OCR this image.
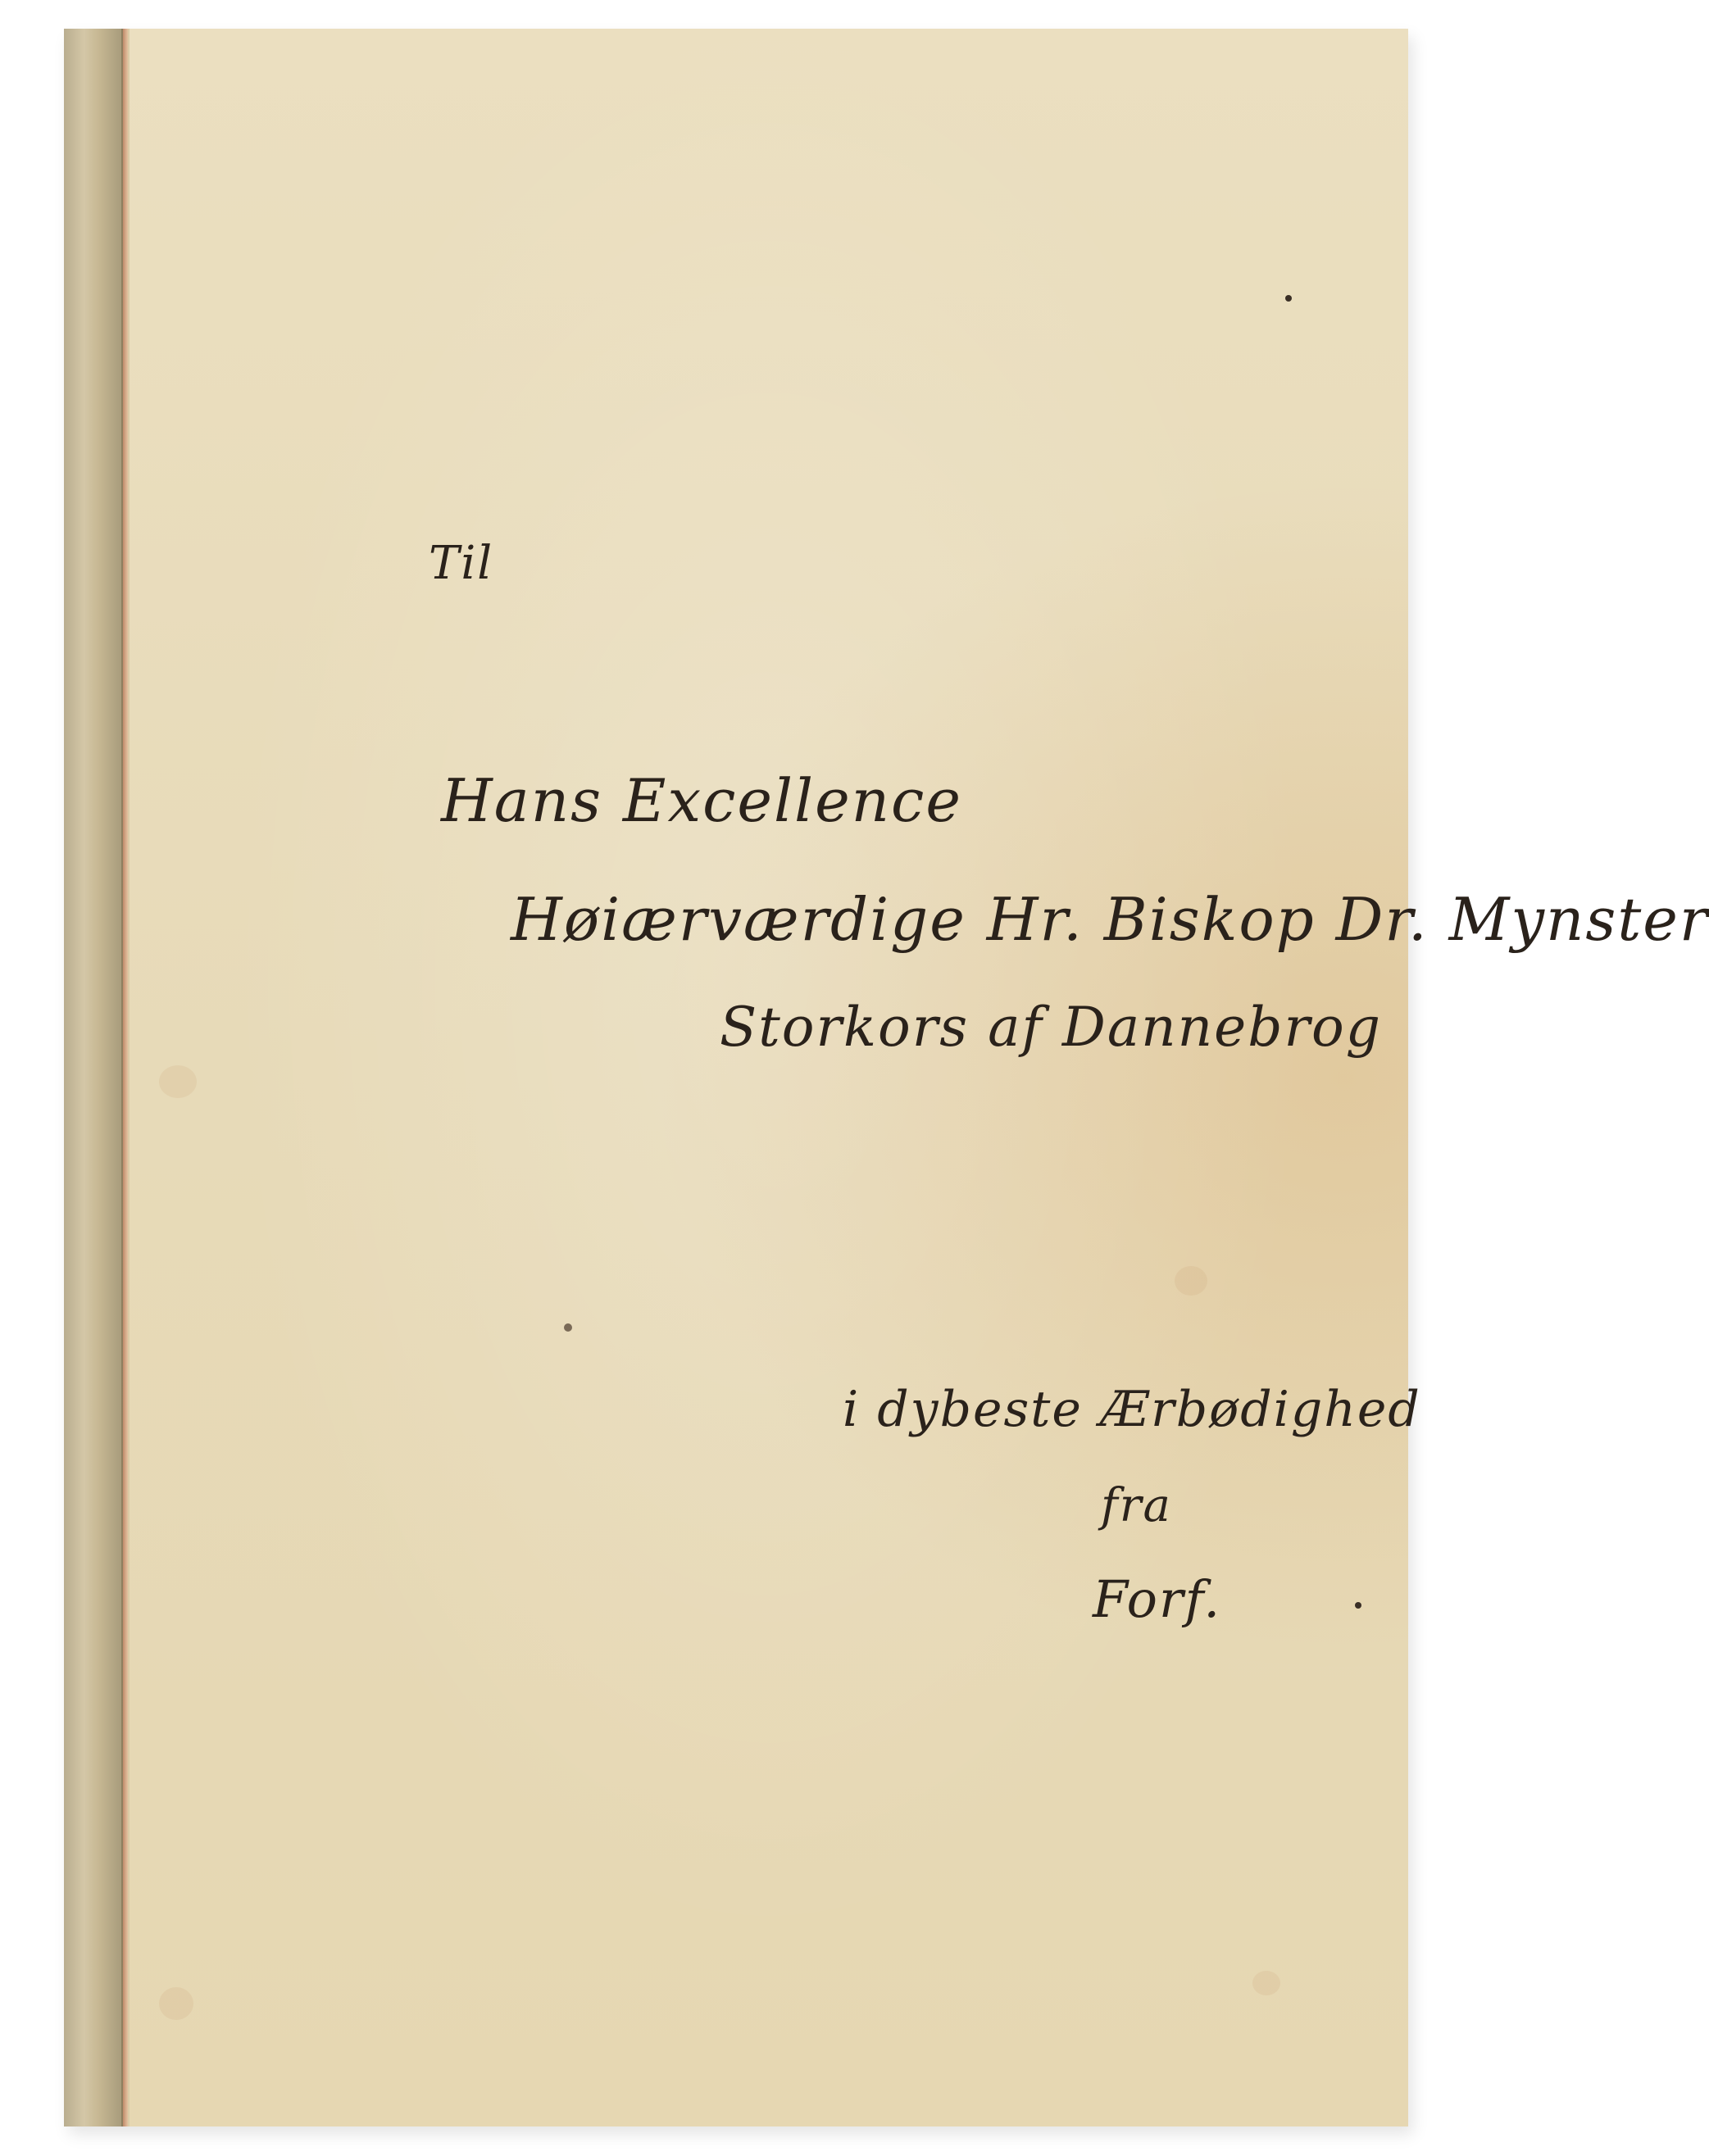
Til
Hans Excellence
Høiærværdige Hr. Biskop Dr. Mynster
Storkors af Dannebrog
i dybeste Ærbødighed
fra
Forf.
